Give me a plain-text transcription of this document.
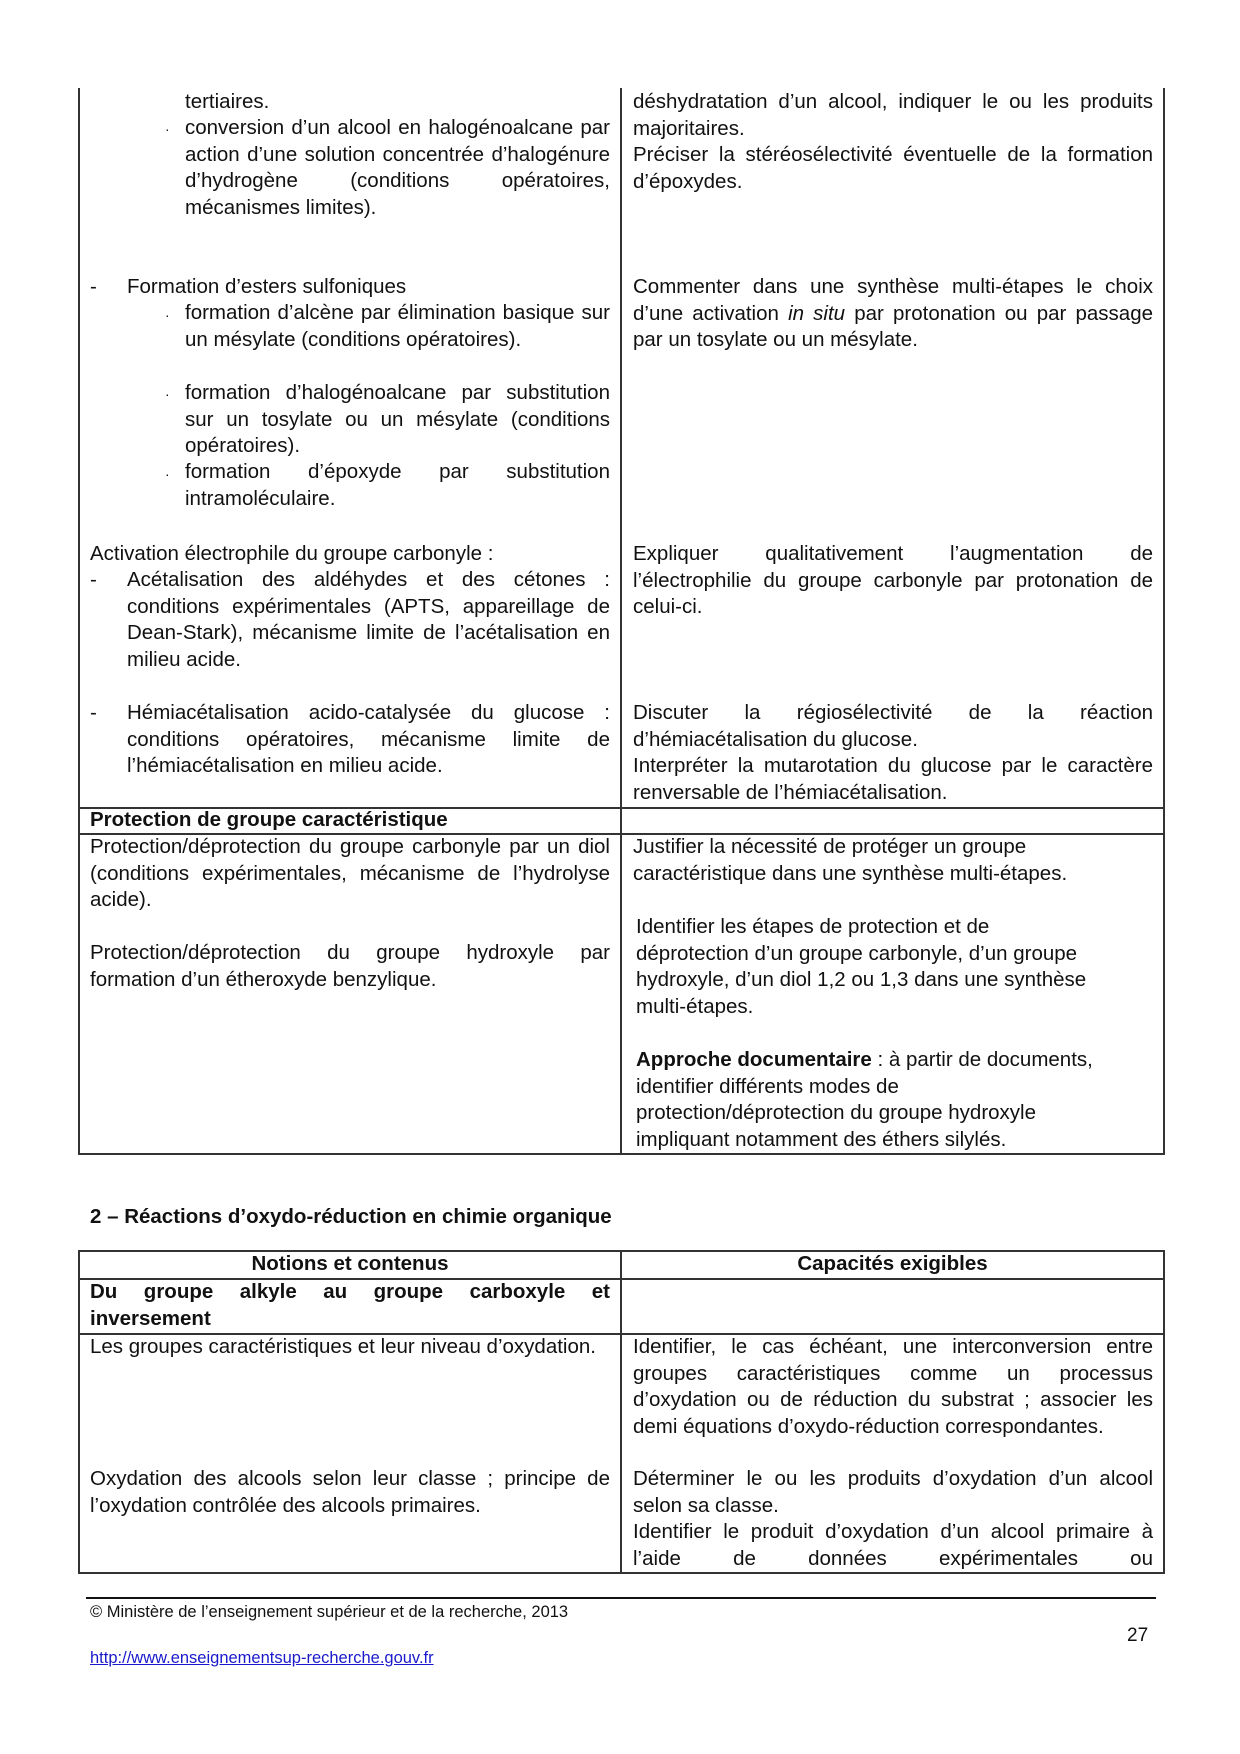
tertiaires.
· conversion d’un alcool en halogénoalcane par action d’une solution concentrée d’halogénure d’hydrogène (conditions opératoires, mécanismes limites).

- Formation d’esters sulfoniques
· formation d’alcène par élimination basique sur un mésylate (conditions opératoires).

· formation d’halogénoalcane par substitution sur un tosylate ou un mésylate (conditions opératoires).

· formation d’époxyde par substitution intramoléculaire.

Activation électrophile du groupe carbonyle :
- Acétalisation des aldéhydes et des cétones : conditions expérimentales (APTS, appareillage de Dean-Stark), mécanisme limite de l’acétalisation en milieu acide.

- Hémiacétalisation acido-catalysée du glucose : conditions opératoires, mécanisme limite de l’hémiacétalisation en milieu acide.

déshydratation d’un alcool, indiquer le ou les produits majoritaires.

Préciser la stéréosélectivité éventuelle de la formation d’époxydes.

Commenter dans une synthèse multi-étapes le choix d’une activation in situ par protonation ou par passage par un tosylate ou un mésylate.

Expliquer qualitativement l’augmentation de l’électrophilie du groupe carbonyle par protonation de celui-ci.

Discuter la régiosélectivité de la réaction d’hémiacétalisation du glucose.

Interpréter la mutarotation du glucose par le caractère renversable de l’hémiacétalisation.

Protection de groupe caractéristique

Protection/déprotection du groupe carbonyle par un diol (conditions expérimentales, mécanisme de l’hydrolyse acide).

Protection/déprotection du groupe hydroxyle par formation d’un étheroxyde benzylique.

Justifier la nécessité de protéger un groupe
caractéristique dans une synthèse multi-étapes.
Identifier les étapes de protection et de
déprotection d’un groupe carbonyle, d’un groupe
hydroxyle, d’un diol 1,2 ou 1,3 dans une synthèse
multi-étapes.
Approche documentaire : à partir de documents,
identifier différents modes de
protection/déprotection du groupe hydroxyle
impliquant notamment des éthers silylés.
2 – Réactions d’oxydo-réduction en chimie organique
Notions et contenus	Capacités exigibles

Du groupe alkyle au groupe carboxyle et inversement

Les groupes caractéristiques et leur niveau d’oxydation.	Identifier, le cas échéant, une interconversion entre groupes caractéristiques comme un processus d’oxydation ou de réduction du substrat ; associer les demi équations d’oxydo-réduction correspondantes.

Oxydation des alcools selon leur classe ; principe de l’oxydation contrôlée des alcools primaires.

Déterminer le ou les produits d’oxydation d’un alcool selon sa classe.

Identifier le produit d’oxydation d’un alcool primaire à l’aide de données expérimentales ou

© Ministère de l’enseignement supérieur et de la recherche, 2013
27
http://www.enseignementsup-recherche.gouv.fr
